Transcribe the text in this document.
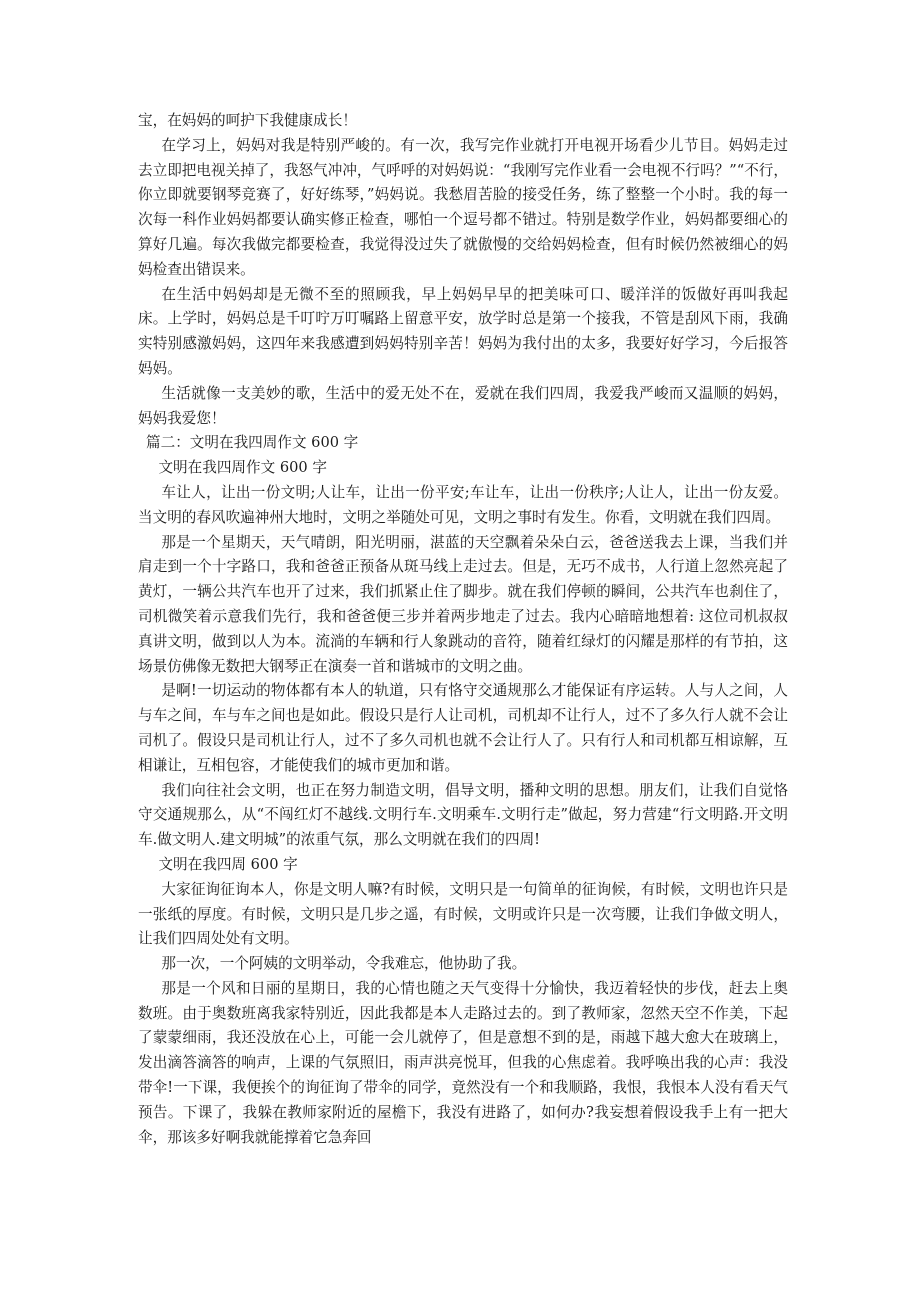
宝，在妈妈的呵护下我健康成长！

在学习上，妈妈对我是特别严峻的。有一次，我写完作业就打开电视开场看少儿节目。妈妈走过去立即把电视关掉了，我怒气冲冲，气呼呼的对妈妈说：“我刚写完作业看一会电视不行吗？”“不行，你立即就要钢琴竞赛了，好好练琴，”妈妈说。我愁眉苦脸的接受任务，练了整整一个小时。我的每一次每一科作业妈妈都要认确实修正检查，哪怕一个逗号都不错过。特别是数学作业，妈妈都要细心的算好几遍。每次我做完都要检查，我觉得没过失了就傲慢的交给妈妈检查，但有时候仍然被细心的妈妈检查出错误来。

在生活中妈妈却是无微不至的照顾我，早上妈妈早早的把美味可口、暖洋洋的饭做好再叫我起床。上学时，妈妈总是千叮咛万叮嘱路上留意平安，放学时总是第一个接我，不管是刮风下雨，我确实特别感激妈妈，这四年来我感遭到妈妈特别辛苦！妈妈为我付出的太多，我要好好学习，今后报答妈妈。

生活就像一支美妙的歌，生活中的爱无处不在，爱就在我们四周，我爱我严峻而又温顺的妈妈，妈妈我爱您！

篇二：文明在我四周作文 600 字

文明在我四周作文 600 字

车让人，让出一份文明;人让车，让出一份平安;车让车，让出一份秩序;人让人，让出一份友爱。当文明的春风吹遍神州大地时，文明之举随处可见，文明之事时有发生。你看，文明就在我们四周。

那是一个星期天，天气晴朗，阳光明丽，湛蓝的天空飘着朵朵白云，爸爸送我去上课，当我们并肩走到一个十字路口，我和爸爸正预备从斑马线上走过去。但是，无巧不成书，人行道上忽然亮起了黄灯，一辆公共汽车也开了过来，我们抓紧止住了脚步。就在我们停顿的瞬间，公共汽车也刹住了，司机微笑着示意我们先行，我和爸爸便三步并着两步地走了过去。我内心暗暗地想着: 这位司机叔叔真讲文明，做到以人为本。流淌的车辆和行人象跳动的音符，随着红绿灯的闪耀是那样的有节拍，这场景仿佛像无数把大钢琴正在演奏一首和谐城市的文明之曲。

是啊!一切运动的物体都有本人的轨道，只有恪守交通规那么才能保证有序运转。人与人之间，人与车之间，车与车之间也是如此。假设只是行人让司机，司机却不让行人，过不了多久行人就不会让司机了。假设只是司机让行人，过不了多久司机也就不会让行人了。只有行人和司机都互相谅解，互相谦让，互相包容，才能使我们的城市更加和谐。

我们向往社会文明，也正在努力制造文明，倡导文明，播种文明的思想。朋友们，让我们自觉恪守交通规那么，从“不闯红灯不越线.文明行车.文明乘车.文明行走”做起，努力营建“行文明路.开文明车.做文明人.建文明城”的浓重气氛，那么文明就在我们的四周!

文明在我四周 600 字

大家征询征询本人，你是文明人嘛?有时候，文明只是一句简单的征询候，有时候，文明也许只是一张纸的厚度。有时候，文明只是几步之遥，有时候，文明或许只是一次弯腰，让我们争做文明人，让我们四周处处有文明。

那一次，一个阿姨的文明举动，令我难忘，他协助了我。

那是一个风和日丽的星期日，我的心情也随之天气变得十分愉快，我迈着轻快的步伐，赶去上奥数班。由于奥数班离我家特别近，因此我都是本人走路过去的。到了教师家，忽然天空不作美，下起了蒙蒙细雨，我还没放在心上，可能一会儿就停了，但是意想不到的是，雨越下越大愈大在玻璃上，发出滴答滴答的响声，上课的气氛照旧，雨声洪亮悦耳，但我的心焦虑着。我呼唤出我的心声：我没带伞!一下课，我便挨个的询征询了带伞的同学，竟然没有一个和我顺路，我恨，我恨本人没有看天气预告。下课了，我躲在教师家附近的屋檐下，我没有进路了，如何办?我妄想着假设我手上有一把大伞，那该多好啊我就能撑着它急奔回
